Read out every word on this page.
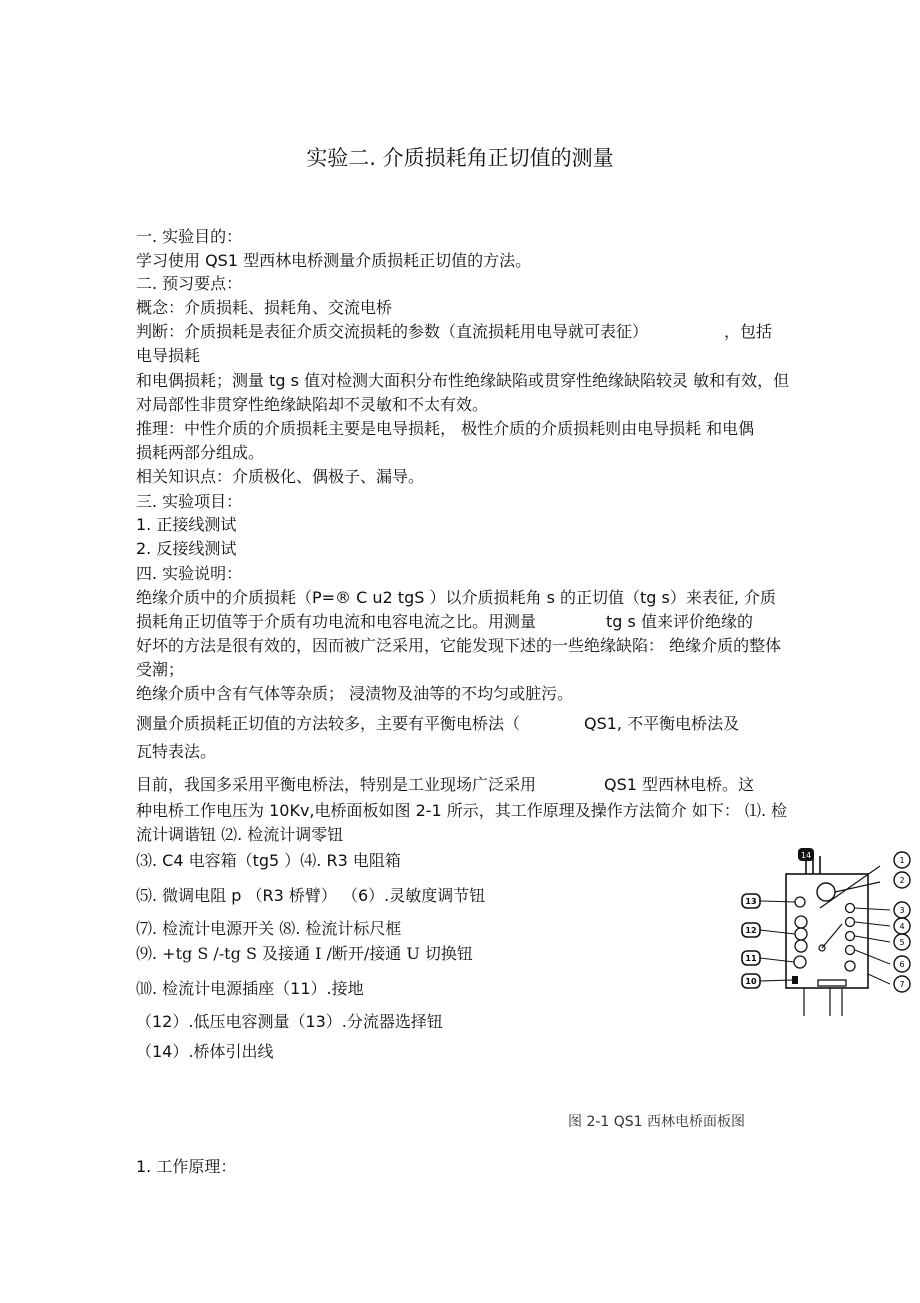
实验二. 介质损耗角正切值的测量
一. 实验目的：
学习使用 QS1 型西林电桥测量介质损耗正切值的方法。
二. 预习要点：
概念：介质损耗、损耗角、交流电桥
判断：介质损耗是表征介质交流损耗的参数（直流损耗用电导就可表征）	，包括
电导损耗
和电偶损耗；测量 tg s 值对检测大面积分布性绝缘缺陷或贯穿性绝缘缺陷较灵 敏和有效，但
对局部性非贯穿性绝缘缺陷却不灵敏和不太有效。
推理：中性介质的介质损耗主要是电导损耗， 极性介质的介质损耗则由电导损耗 和电偶
损耗两部分组成。
相关知识点：介质极化、偶极子、漏导。
三. 实验项目：
1. 正接线测试
2. 反接线测试
四. 实验说明：
绝缘介质中的介质损耗（P=® C u2 tgS ）以介质损耗角 s 的正切值（tg s）来表征, 介质
损耗角正切值等于介质有功电流和电容电流之比。用测量	tg s 值来评价绝缘的
好坏的方法是很有效的，因而被广泛采用，它能发现下述的一些绝缘缺陷： 绝缘介质的整体
受潮；
绝缘介质中含有气体等杂质； 浸渍物及油等的不均匀或脏污。
测量介质损耗正切值的方法较多，主要有平衡电桥法（	QS1, 不平衡电桥法及
瓦特表法。
目前，我国多采用平衡电桥法，特别是工业现场广泛采用	QS1 型西林电桥。这
种电桥工作电压为 10Kv,电桥面板如图 2-1 所示，其工作原理及操作方法简介 如下： ⑴. 检
流计调谐钮 ⑵. 检流计调零钮
⑶. C4 电容箱（tg5 ）⑷. R3 电阻箱
⑸. 微调电阻 p （R3 桥臂） （6）.灵敏度调节钮
⑺. 检流计电源开关 ⑻. 检流计标尺框
⑼. +tg S /-tg S 及接通 I /断开/接通 U 切换钮
⑽. 检流计电源插座（11）.接地
（12）.低压电容测量（13）.分流器选择钮
（14）.桥体引出线
图 2-1 QS1 西林电桥面板图
1. 工作原理：
14
1
2
13
3
4
12
5
11
6
10	7
